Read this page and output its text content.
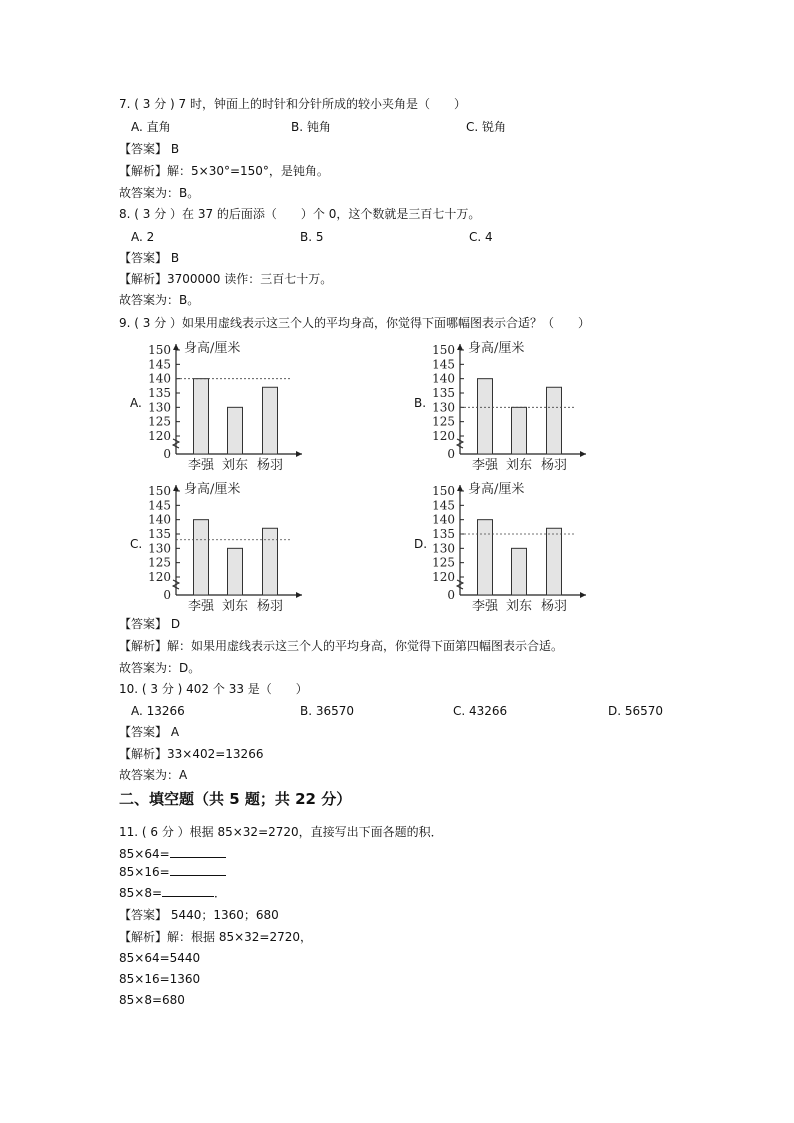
7. ( 3 分 ) 7 时，钟面上的时针和分针所成的较小夹角是（　　）
A. 直角	B. 钝角	C. 锐角
【答案】 B
【解析】解：5×30°=150°，是钝角。
故答案为：B。
8. ( 3 分 ）在 37 的后面添（　　）个 0，这个数就是三百七十万。
A. 2	B. 5	C. 4
【答案】 B
【解析】3700000 读作：三百七十万。
故答案为：B。
9. ( 3 分 ）如果用虚线表示这三个人的平均身高，你觉得下面哪幅图表示合适？（　　）
A.
身高/厘米
0
120
125
130
135
140
145
150
李强 刘东 杨羽
B.
身高/厘米
0
120
125
130
135
140
145
150
李强 刘东 杨羽
C.
身高/厘米
0
120
125
130
135
140
145
150
李强 刘东 杨羽
D.
身高/厘米
0
120
125
130
135
140
145
150
李强 刘东 杨羽
【答案】 D
【解析】解：如果用虚线表示这三个人的平均身高，你觉得下面第四幅图表示合适。
故答案为：D。
10. ( 3 分 ) 402 个 33 是（　　）
A. 13266	B. 36570	C. 43266	D. 56570
【答案】 A
【解析】33×402=13266
故答案为：A
二、填空题（共 5 题；共 22 分）
11. ( 6 分 ）根据 85×32=2720，直接写出下面各题的积．
85×64=
85×16=
85×8=	．
【答案】 5440；1360；680
【解析】解：根据 85×32=2720，
85×64=5440
85×16=1360
85×8=680
